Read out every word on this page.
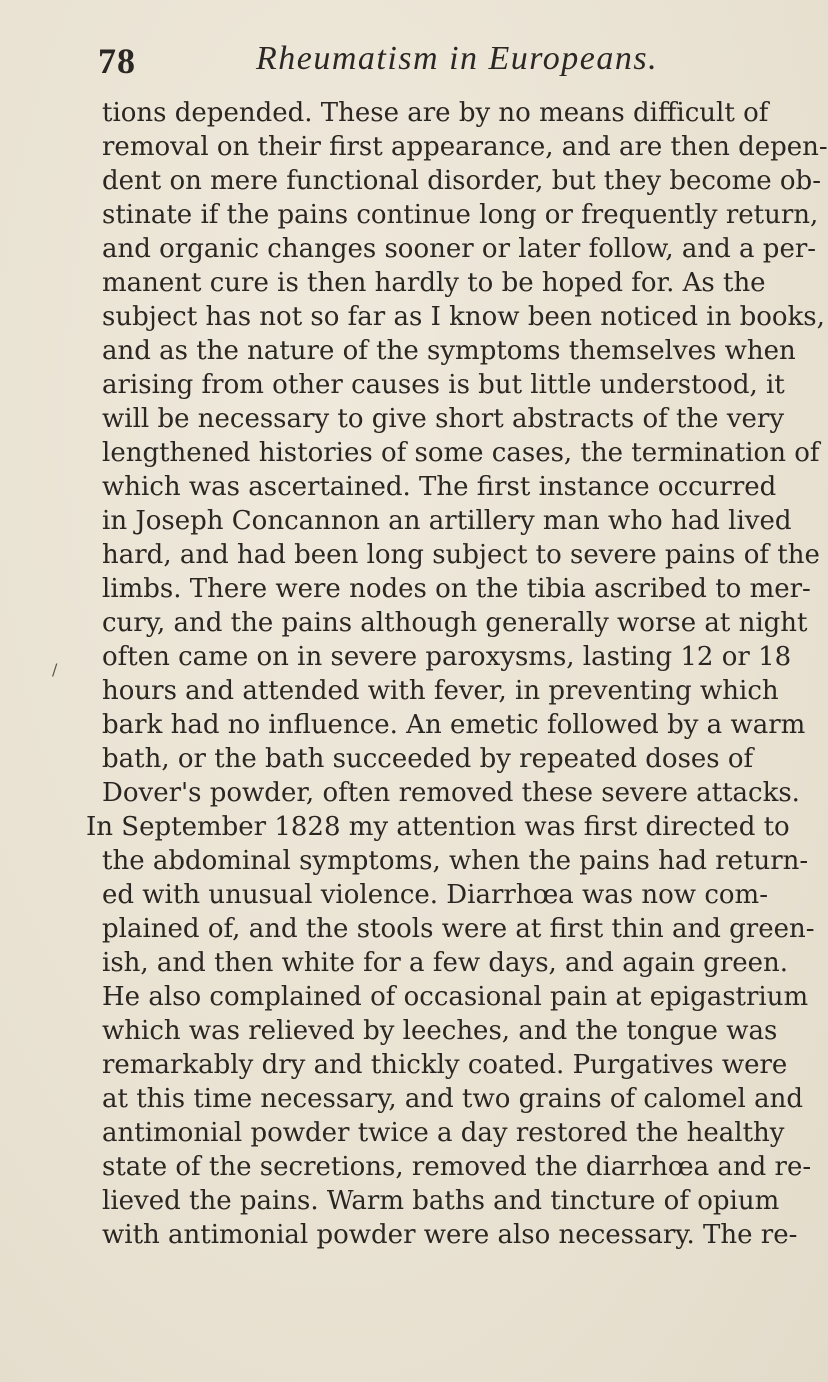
78	Rheumatism in Europeans.
tions depended. These are by no means difficult of
removal on their first appearance, and are then depen-
dent on mere functional disorder, but they become ob-
stinate if the pains continue long or frequently return,
and organic changes sooner or later follow, and a per-
manent cure is then hardly to be hoped for. As the
subject has not so far as I know been noticed in books,
and as the nature of the symptoms themselves when
arising from other causes is but little understood, it
will be necessary to give short abstracts of the very
lengthened histories of some cases, the termination of
which was ascertained. The first instance occurred
in Joseph Concannon an artillery man who had lived
hard, and had been long subject to severe pains of the
limbs. There were nodes on the tibia ascribed to mer-
cury, and the pains although generally worse at night
often came on in severe paroxysms, lasting 12 or 18
hours and attended with fever, in preventing which
bark had no influence. An emetic followed by a warm
bath, or the bath succeeded by repeated doses of
Dover's powder, often removed these severe attacks.
In September 1828 my attention was first directed to
the abdominal symptoms, when the pains had return-
ed with unusual violence. Diarrhœa was now com-
plained of, and the stools were at first thin and green-
ish, and then white for a few days, and again green.
He also complained of occasional pain at epigastrium
which was relieved by leeches, and the tongue was
remarkably dry and thickly coated. Purgatives were
at this time necessary, and two grains of calomel and
antimonial powder twice a day restored the healthy
state of the secretions, removed the diarrhœa and re-
lieved the pains. Warm baths and tincture of opium
with antimonial powder were also necessary. The re-
/
